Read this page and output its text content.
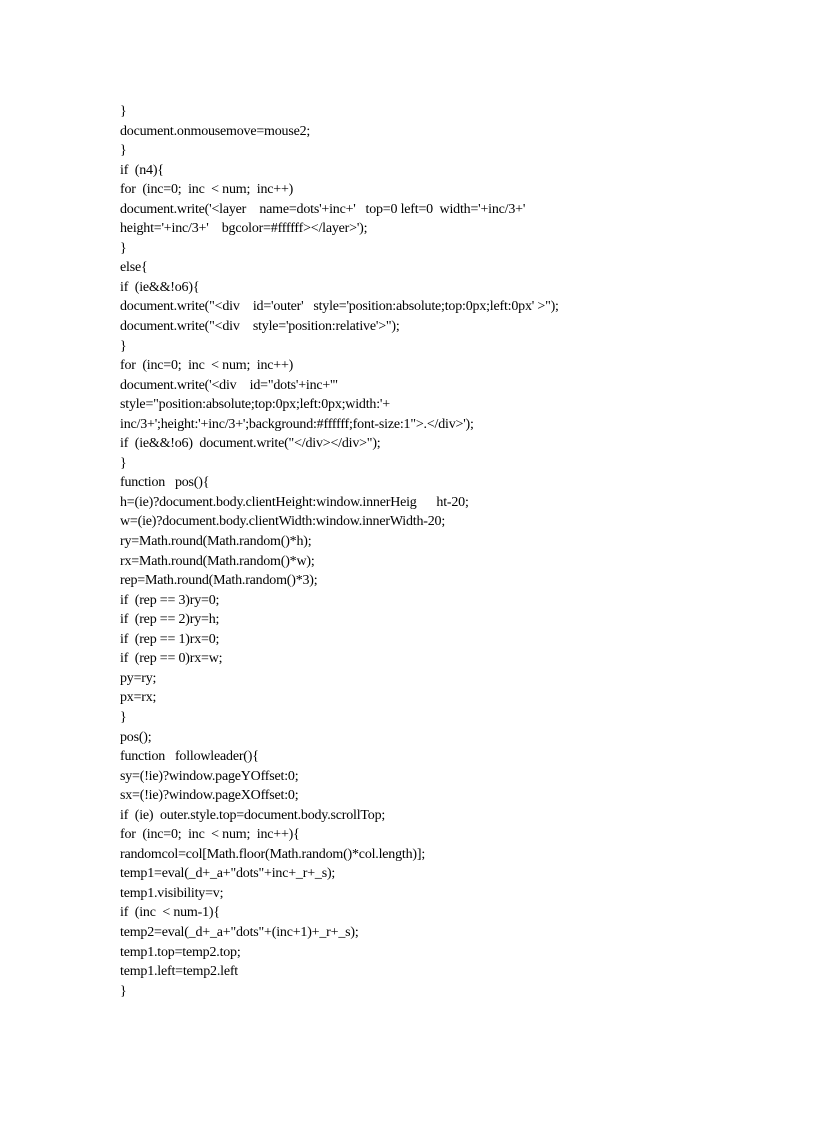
}
document.onmousemove=mouse2;
}
if  (n4){
for  (inc=0;  inc  < num;  inc++)
document.write('<layer    name=dots'+inc+'   top=0 left=0  width='+inc/3+'
height='+inc/3+'    bgcolor=#ffffff></layer>');
}
else{
if  (ie&&!o6){
document.write("<div    id='outer'   style='position:absolute;top:0px;left:0px' >");
document.write("<div    style='position:relative'>");
}
for  (inc=0;  inc  < num;  inc++)
document.write('<div    id="dots'+inc+'"
style="position:absolute;top:0px;left:0px;width:'+
inc/3+';height:'+inc/3+';background:#ffffff;font-size:1">.</div>');
if  (ie&&!o6)  document.write("</div></div>");
}
function   pos(){
h=(ie)?document.body.clientHeight:window.innerHeig      ht-20;
w=(ie)?document.body.clientWidth:window.innerWidth-20;
ry=Math.round(Math.random()*h);
rx=Math.round(Math.random()*w);
rep=Math.round(Math.random()*3);
if  (rep == 3)ry=0;
if  (rep == 2)ry=h;
if  (rep == 1)rx=0;
if  (rep == 0)rx=w;
py=ry;
px=rx;
}
pos();
function   followleader(){
sy=(!ie)?window.pageYOffset:0;
sx=(!ie)?window.pageXOffset:0;
if  (ie)  outer.style.top=document.body.scrollTop;
for  (inc=0;  inc  < num;  inc++){
randomcol=col[Math.floor(Math.random()*col.length)];
temp1=eval(_d+_a+"dots"+inc+_r+_s);
temp1.visibility=v;
if  (inc  < num-1){
temp2=eval(_d+_a+"dots"+(inc+1)+_r+_s);
temp1.top=temp2.top;
temp1.left=temp2.left
}
